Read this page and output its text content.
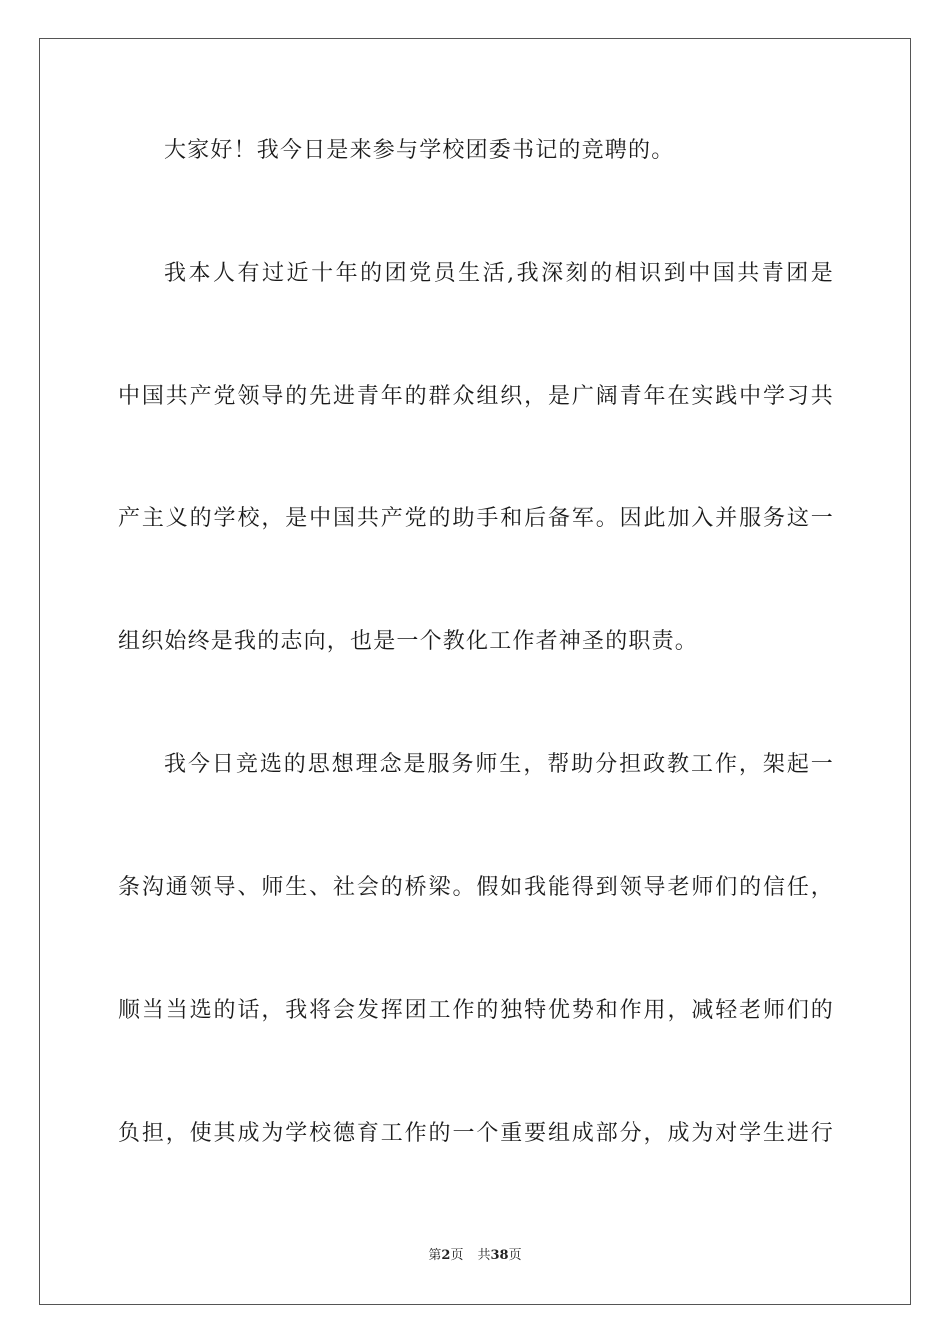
大家好！我今日是来参与学校团委书记的竞聘的。
我本人有过近十年的团党员生活,我深刻的相识到中国共青团是
中国共产党领导的先进青年的群众组织，是广阔青年在实践中学习共
产主义的学校，是中国共产党的助手和后备军。因此加入并服务这一
组织始终是我的志向，也是一个教化工作者神圣的职责。
我今日竞选的思想理念是服务师生，帮助分担政教工作，架起一
条沟通领导、师生、社会的桥梁。假如我能得到领导老师们的信任，
顺当当选的话，我将会发挥团工作的独特优势和作用，减轻老师们的
负担，使其成为学校德育工作的一个重要组成部分，成为对学生进行
第2页 共38页
